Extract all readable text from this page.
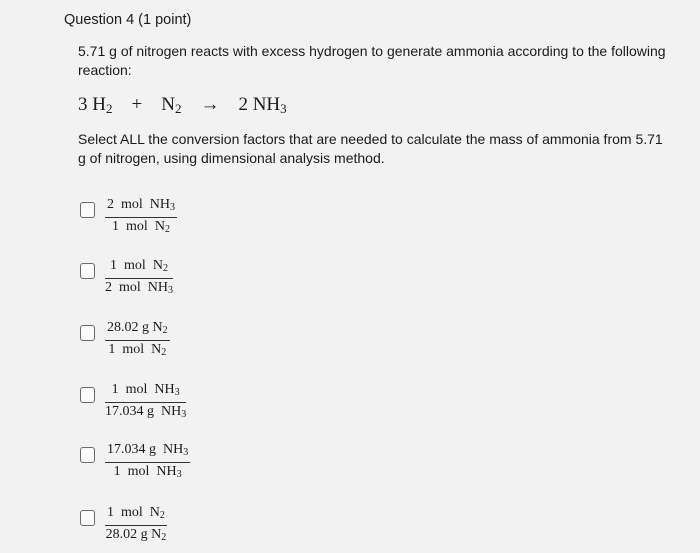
Question 4 (1 point)
5.71 g of nitrogen reacts with excess hydrogen to generate ammonia according to the following reaction:
3 $H_2 + N_2 \to 2$ $NH_3$
Select ALL the conversion factors that are needed to calculate the mass of ammonia from 5.71 g of nitrogen, using dimensional analysis method.
2  mol  $NH_3$
1  mol  $N_2$
1  mol  $N_2$
2  mol  $NH_3$
28.02 g $N_2$
1  mol  $N_2$
1  mol  $NH_3$
17.034 g  $NH_3$
17.034 g  $NH_3$
1  mol  $NH_3$
1  mol  $N_2$
28.02 g $N_2$
